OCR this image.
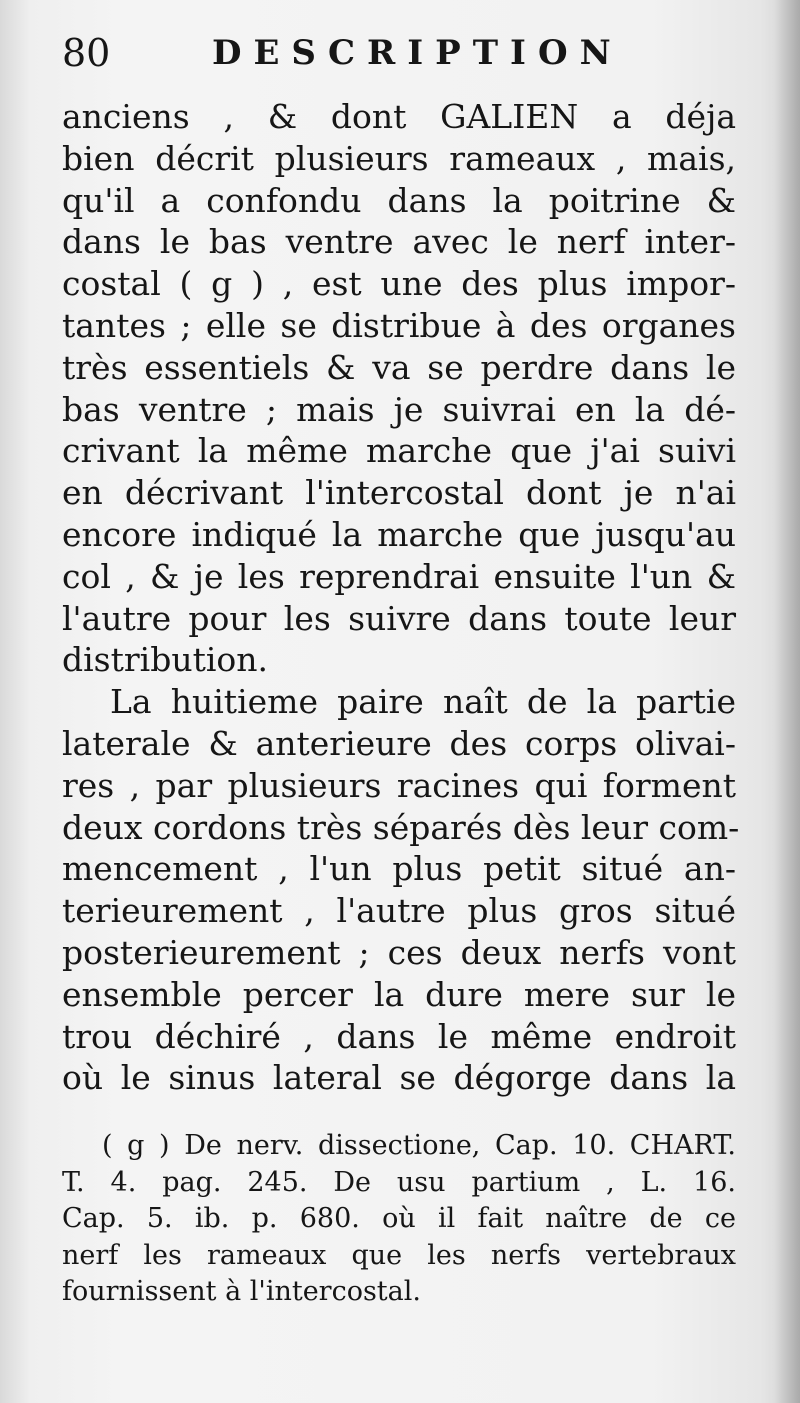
80	DESCRIPTION
anciens , & dont GALIEN a déja
bien décrit plusieurs rameaux , mais,
qu'il a confondu dans la poitrine &
dans le bas ventre avec le nerf inter-
costal ( g ) , est une des plus impor-
tantes ; elle se distribue à des organes
très essentiels & va se perdre dans le
bas ventre ; mais je suivrai en la dé-
crivant la même marche que j'ai suivi
en décrivant l'intercostal dont je n'ai
encore indiqué la marche que jusqu'au
col , & je les reprendrai ensuite l'un &
l'autre pour les suivre dans toute leur
distribution.
La huitieme paire naît de la partie
laterale & anterieure des corps olivai-
res , par plusieurs racines qui forment
deux cordons très séparés dès leur com-
mencement , l'un plus petit situé an-
terieurement , l'autre plus gros situé
posterieurement ; ces deux nerfs vont
ensemble percer la dure mere sur le
trou déchiré , dans le même endroit
où le sinus lateral se dégorge dans la
( g ) De nerv. dissectione, Cap. 10. CHART.
T. 4. pag. 245. De usu partium , L. 16.
Cap. 5. ib. p. 680. où il fait naître de ce
nerf les rameaux que les nerfs vertebraux
fournissent à l'intercostal.
